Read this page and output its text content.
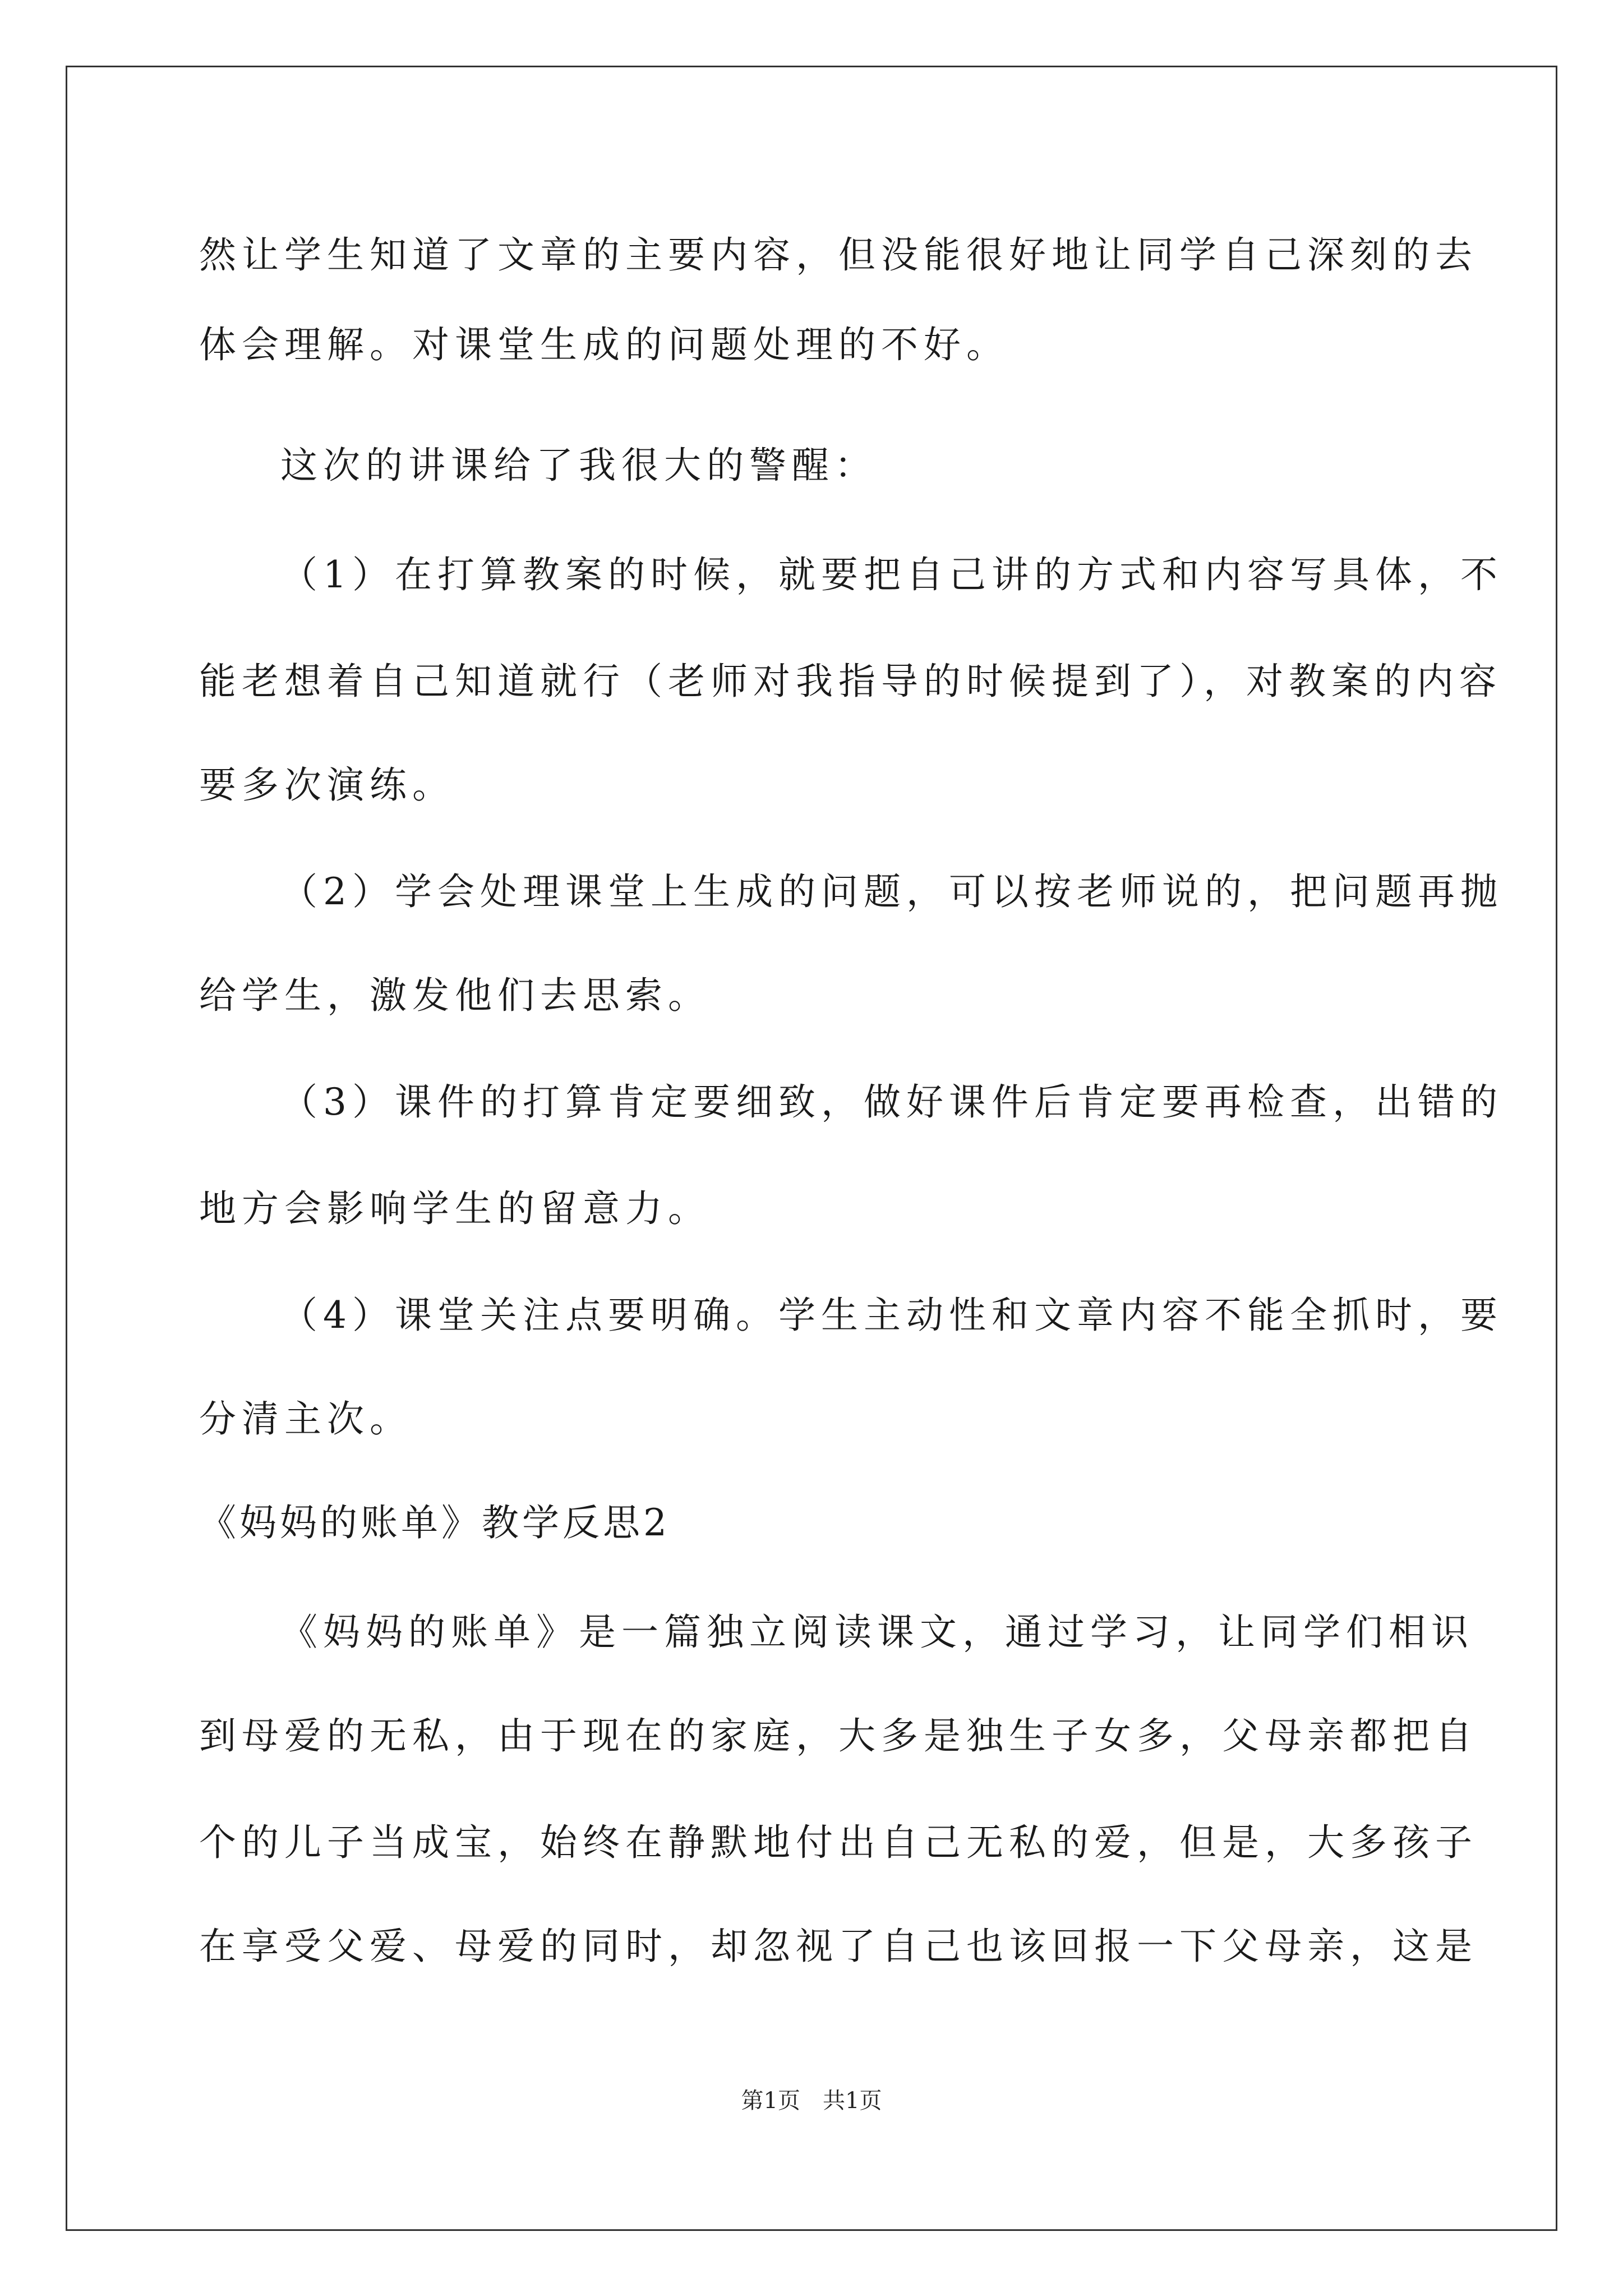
然让学生知道了文章的主要内容，但没能很好地让同学自己深刻的去
体会理解。对课堂生成的问题处理的不好。
这次的讲课给了我很大的警醒：
（1）在打算教案的时候，就要把自己讲的方式和内容写具体，不
能老想着自己知道就行（老师对我指导的时候提到了），对教案的内容
要多次演练。
（2）学会处理课堂上生成的问题，可以按老师说的，把问题再抛
给学生，激发他们去思索。
（3）课件的打算肯定要细致，做好课件后肯定要再检查，出错的
地方会影响学生的留意力。
（4）课堂关注点要明确。学生主动性和文章内容不能全抓时，要
分清主次。
《妈妈的账单》教学反思2
《妈妈的账单》是一篇独立阅读课文，通过学习，让同学们相识
到母爱的无私，由于现在的家庭，大多是独生子女多，父母亲都把自
个的儿子当成宝，始终在静默地付出自己无私的爱，但是，大多孩子
在享受父爱、母爱的同时，却忽视了自己也该回报一下父母亲，这是
第1页 共1页
